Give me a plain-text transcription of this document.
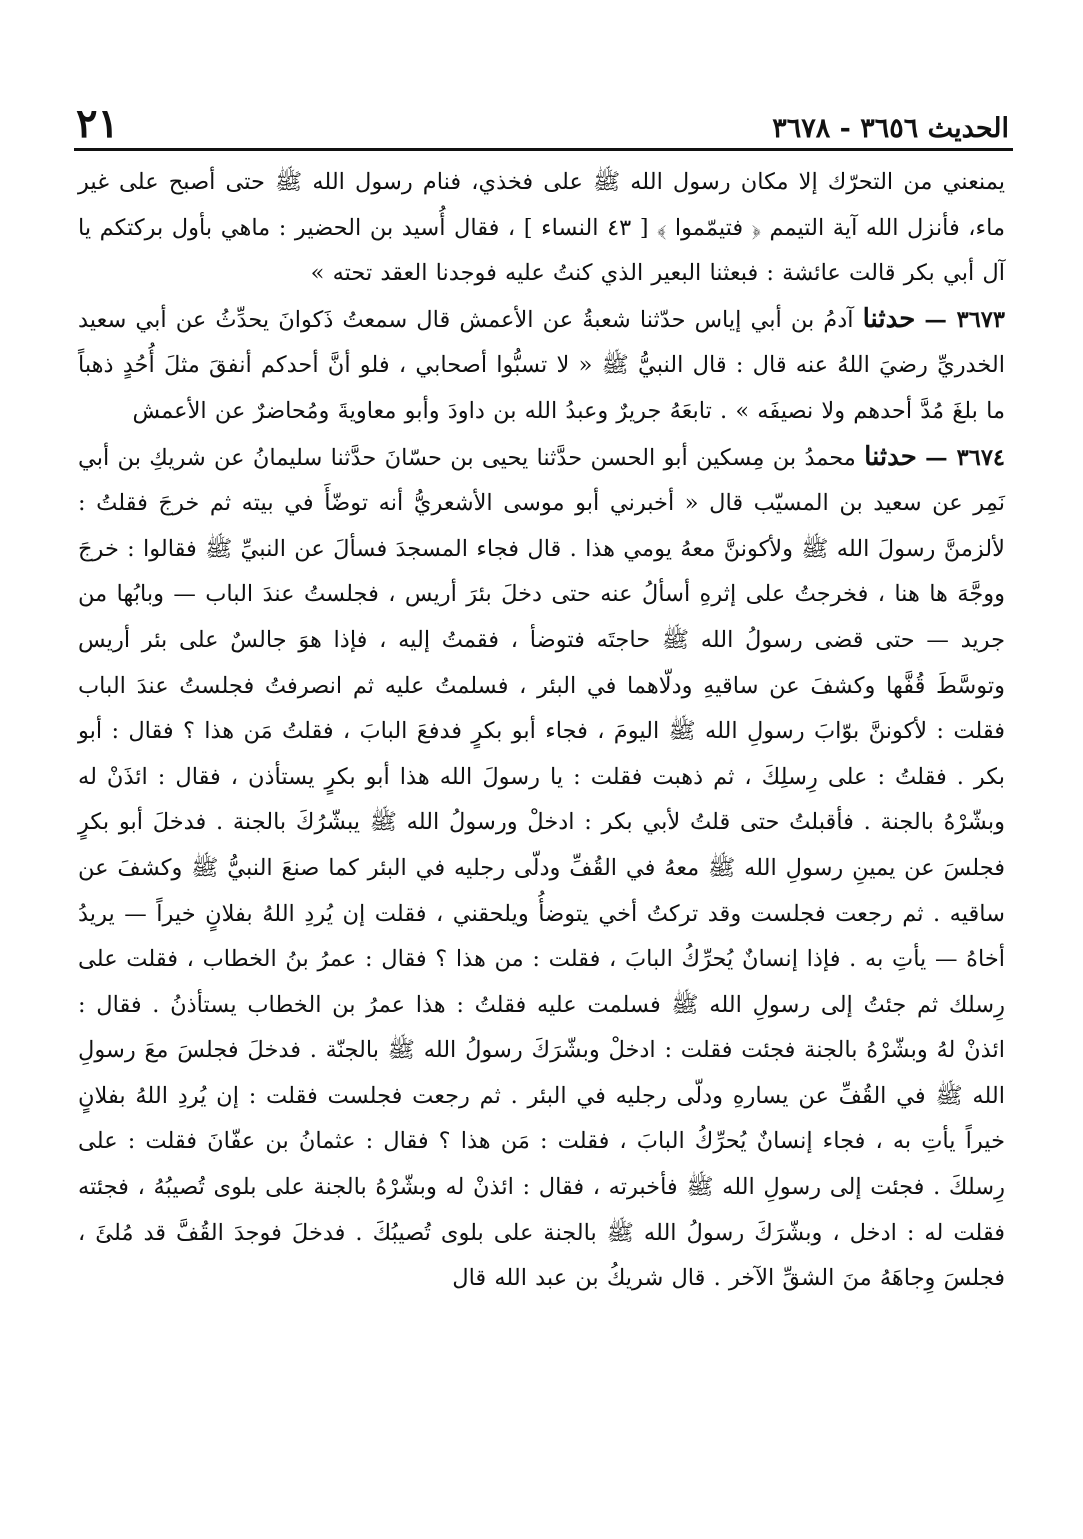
الحديث ٣٦٥٦ - ٣٦٧٨
٢١

يمنعني من التحرّك إلا مكان رسول الله ﷺ على فخذي، فنام رسول الله ﷺ حتى أصبح على غير ماء، فأنزل الله آية التيمم ﴿ فتيمّموا ﴾ [ ٤٣ النساء ] ، فقال أُسيد بن الحضير : ماهي بأول بركتكم يا آل أبي بكر قالت عائشة : فبعثنا البعير الذي كنتُ عليه فوجدنا العقد تحته »

٣٦٧٣ — حدثنا آدمُ بن أبي إياس حدّثنا شعبةُ عن الأعمش قال سمعتُ ذَكوانَ يحدِّثُ عن أبي سعيد الخدريِّ رضيَ اللهُ عنه قال : قال النبيُّ ﷺ « لا تسبُّوا أصحابي ، فلو أنَّ أحدكم أنفقَ مثلَ أُحُدٍ ذهباً ما بلغَ مُدَّ أحدهم ولا نصيفَه » . تابعَهُ جريرٌ وعبدُ الله بن داودَ وأبو معاويةَ ومُحاضرٌ عن الأعمش

٣٦٧٤ — حدثنا محمدُ بن مِسكين أبو الحسن حدَّثنا يحيى بن حسّانَ حدَّثنا سليمانُ عن شريكِ بن أبي نَمِر عن سعيد بن المسيّب قال « أخبرني أبو موسى الأشعريُّ أنه توضّأَ في بيته ثم خرجَ فقلتُ : لألزمنَّ رسولَ الله ﷺ ولأكوننَّ معهُ يومي هذا . قال فجاء المسجدَ فسألَ عن النبيِّ ﷺ فقالوا : خرجَ ووجَّهَ ها هنا ، فخرجتُ على إثرهِ أسألُ عنه حتى دخلَ بئرَ أريس ، فجلستُ عندَ الباب — وبابُها من جريد — حتى قضى رسولُ الله ﷺ حاجتَه فتوضأ ، فقمتُ إليه ، فإذا هوَ جالسٌ على بئر أريس وتوسَّطَ قُفَّها وكشفَ عن ساقيهِ ودلّاهما في البئر ، فسلمتُ عليه ثم انصرفتُ فجلستُ عندَ الباب فقلت : لأكوننَّ بوّابَ رسولِ الله ﷺ اليومَ ، فجاء أبو بكرٍ فدفعَ البابَ ، فقلتُ مَن هذا ؟ فقال : أبو بكر . فقلتُ : على رِسلِكَ ، ثم ذهبت فقلت : يا رسولَ الله هذا أبو بكرٍ يستأذن ، فقال : ائذَنْ له وبشّرْهُ بالجنة . فأقبلتُ حتى قلتُ لأبي بكر : ادخلْ ورسولُ الله ﷺ يبشّرُكَ بالجنة . فدخلَ أبو بكرٍ فجلسَ عن يمينِ رسولِ الله ﷺ معهُ في القُفِّ ودلّى رجليه في البئر كما صنعَ النبيُّ ﷺ وكشفَ عن ساقيه . ثم رجعت فجلست وقد تركتُ أخي يتوضأُ ويلحقني ، فقلت إن يُردِ اللهُ بفلانٍ خيراً — يريدُ أخاهُ — يأتِ به . فإذا إنسانٌ يُحرِّكُ البابَ ، فقلت : من هذا ؟ فقال : عمرُ بنُ الخطاب ، فقلت على رِسلك ثم جئتُ إلى رسولِ الله ﷺ فسلمت عليه فقلتُ : هذا عمرُ بن الخطاب يستأذنُ . فقال : ائذنْ لهُ وبشّرْهُ بالجنة فجئت فقلت : ادخلْ وبشّرَكَ رسولُ الله ﷺ بالجنّة . فدخلَ فجلسَ معَ رسولِ الله ﷺ في القُفِّ عن يسارهِ ودلّى رجليه في البئر . ثم رجعت فجلست فقلت : إن يُردِ اللهُ بفلانٍ خيراً يأتِ به ، فجاء إنسانٌ يُحرِّكُ البابَ ، فقلت : مَن هذا ؟ فقال : عثمانُ بن عفّانَ فقلت : على رِسلكَ . فجئت إلى رسولِ الله ﷺ فأخبرته ، فقال : ائذنْ له وبشّرْهُ بالجنة على بلوى تُصيبُهُ ، فجئته فقلت له : ادخل ، وبشّرَكَ رسولُ الله ﷺ بالجنة على بلوى تُصيبُكَ . فدخلَ فوجدَ القُفَّ قد مُلئَ ، فجلسَ وِجاهَهُ منَ الشقِّ الآخر . قال شريكُ بن عبد الله قال
